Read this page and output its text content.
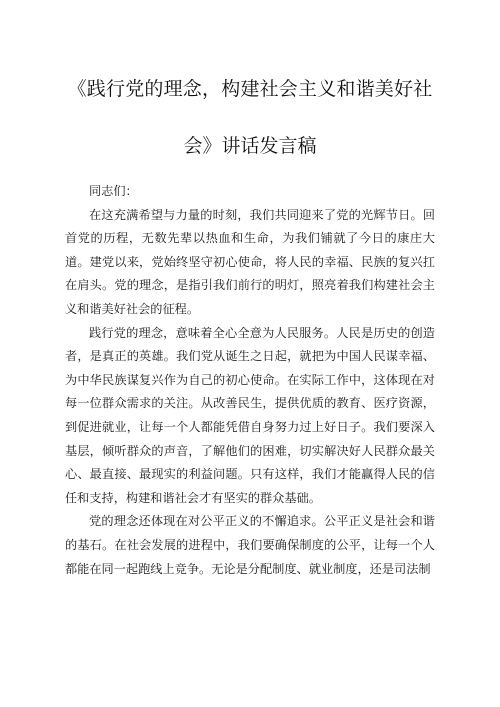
《践行党的理念，构建社会主义和谐美好社
会》讲话发言稿

同志们：

在这充满希望与力量的时刻，我们共同迎来了党的光辉节日。回首党的历程，无数先辈以热血和生命，为我们铺就了今日的康庄大道。建党以来，党始终坚守初心使命，将人民的幸福、民族的复兴扛在肩头。党的理念，是指引我们前行的明灯，照亮着我们构建社会主义和谐美好社会的征程。

践行党的理念，意味着全心全意为人民服务。人民是历史的创造者，是真正的英雄。我们党从诞生之日起，就把为中国人民谋幸福、为中华民族谋复兴作为自己的初心使命。在实际工作中，这体现在对每一位群众需求的关注。从改善民生，提供优质的教育、医疗资源，到促进就业，让每一个人都能凭借自身努力过上好日子。我们要深入基层，倾听群众的声音，了解他们的困难，切实解决好人民群众最关心、最直接、最现实的利益问题。只有这样，我们才能赢得人民的信任和支持，构建和谐社会才有坚实的群众基础。

党的理念还体现在对公平正义的不懈追求。公平正义是社会和谐的基石。在社会发展的进程中，我们要确保制度的公平，让每一个人都能在同一起跑线上竞争。无论是分配制度、就业制度，还是司法制
